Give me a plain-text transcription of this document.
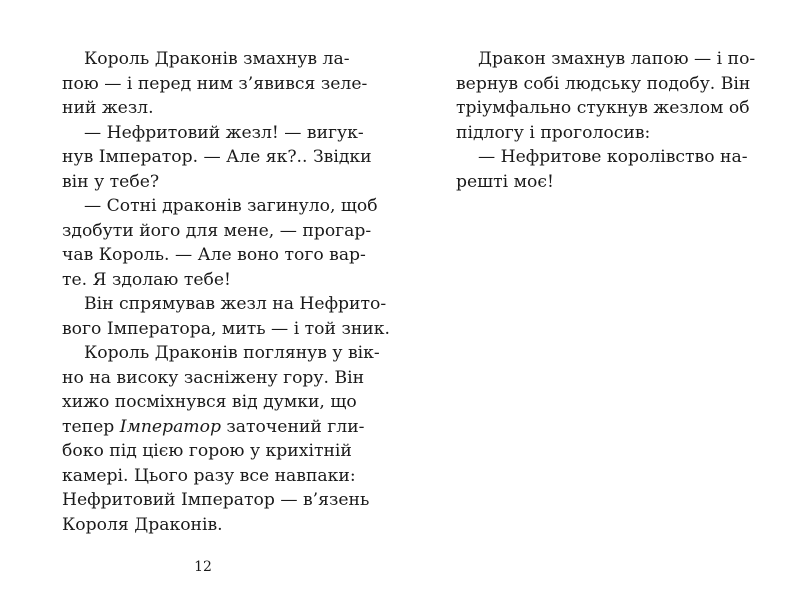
Король Драконів змахнув ла-
пою — і перед ним з’явився зеле-
ний жезл.
— Нефритовий жезл! — вигук-
нув Імператор. — Але як?.. Звідки
він у тебе?
— Сотні драконів загинуло, щоб
здобути його для мене, — прогар-
чав Король. — Але воно того вар-
те. Я здолаю тебе!
Він спрямував жезл на Нефрито-
вого Імператора, мить — і той зник.
Король Драконів поглянув у вік-
но на високу засніжену гору. Він
хижо посміхнувся від думки, що
тепер Імператор заточений гли-
боко під цією горою у крихітній
камері. Цього разу все навпаки:
Нефритовий Імператор — в’язень
Короля Драконів.

12

Дракон змахнув лапою — і по-
вернув собі людську подобу. Він
тріумфально стукнув жезлом об
підлогу і проголосив:
— Нефритове королівство на-
решті моє!
